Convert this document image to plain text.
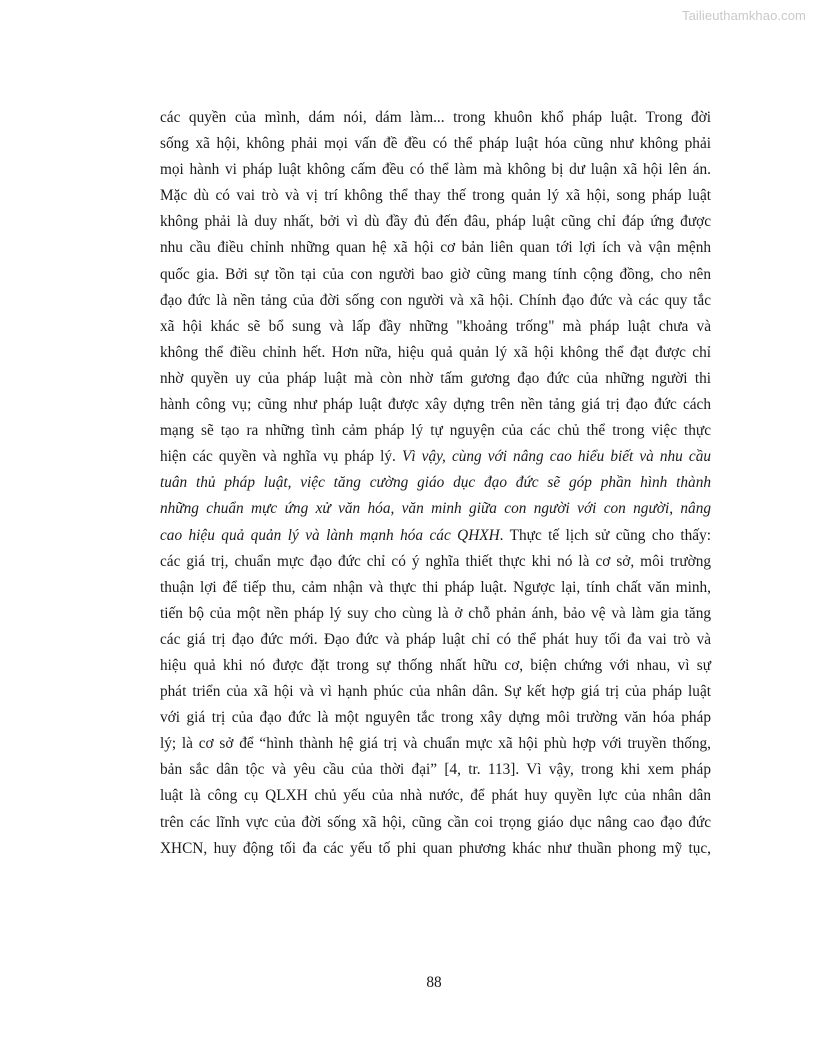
Tailieuthamkhao.com
các quyền của mình, dám nói, dám làm... trong khuôn khổ pháp luật. Trong đời
sống xã hội, không phải mọi vấn đề đều có thể pháp luật hóa cũng như không phải
mọi hành vi pháp luật không cấm đều có thể làm mà không bị dư luận xã hội lên án.
Mặc dù có vai trò và vị trí không thể thay thế trong quản lý xã hội, song pháp luật
không phải là duy nhất, bởi vì dù đầy đủ đến đâu, pháp luật cũng chỉ đáp ứng được
nhu cầu điều chỉnh những quan hệ xã hội cơ bản liên quan tới lợi ích và vận mệnh
quốc gia. Bởi sự tồn tại của con người bao giờ cũng mang tính cộng đồng, cho nên
đạo đức là nền tảng của đời sống con người và xã hội. Chính đạo đức và các quy tắc
xã hội khác sẽ bổ sung và lấp đầy những "khoảng trống" mà pháp luật chưa và
không thể điều chỉnh hết. Hơn nữa, hiệu quả quản lý xã hội không thể đạt được chỉ
nhờ quyền uy của pháp luật mà còn nhờ tấm gương đạo đức của những người thi
hành công vụ; cũng như pháp luật được xây dựng trên nền tảng giá trị đạo đức cách
mạng sẽ tạo ra những tình cảm pháp lý tự nguyện của các chủ thể trong việc thực
hiện các quyền và nghĩa vụ pháp lý. Vì vậy, cùng với nâng cao hiểu biết và nhu cầu
tuân thủ pháp luật, việc tăng cường giáo dục đạo đức sẽ góp phần hình thành
những chuẩn mực ứng xử văn hóa, văn minh giữa con người với con người, nâng
cao hiệu quả quản lý và lành mạnh hóa các QHXH. Thực tế lịch sử cũng cho thấy:
các giá trị, chuẩn mực đạo đức chỉ có ý nghĩa thiết thực khi nó là cơ sở, môi trường
thuận lợi để tiếp thu, cảm nhận và thực thi pháp luật. Ngược lại, tính chất văn minh,
tiến bộ của một nền pháp lý suy cho cùng là ở chỗ phản ánh, bảo vệ và làm gia tăng
các giá trị đạo đức mới. Đạo đức và pháp luật chỉ có thể phát huy tối đa vai trò và
hiệu quả khi nó được đặt trong sự thống nhất hữu cơ, biện chứng với nhau, vì sự
phát triển của xã hội và vì hạnh phúc của nhân dân. Sự kết hợp giá trị của pháp luật
với giá trị của đạo đức là một nguyên tắc trong xây dựng môi trường văn hóa pháp
lý; là cơ sở để “hình thành hệ giá trị và chuẩn mực xã hội phù hợp với truyền thống,
bản sắc dân tộc và yêu cầu của thời đại” [4, tr. 113]. Vì vậy, trong khi xem pháp
luật là công cụ QLXH chủ yếu của nhà nước, để phát huy quyền lực của nhân dân
trên các lĩnh vực của đời sống xã hội, cũng cần coi trọng giáo dục nâng cao đạo đức
XHCN, huy động tối đa các yếu tố phi quan phương khác như thuần phong mỹ tục,
88
